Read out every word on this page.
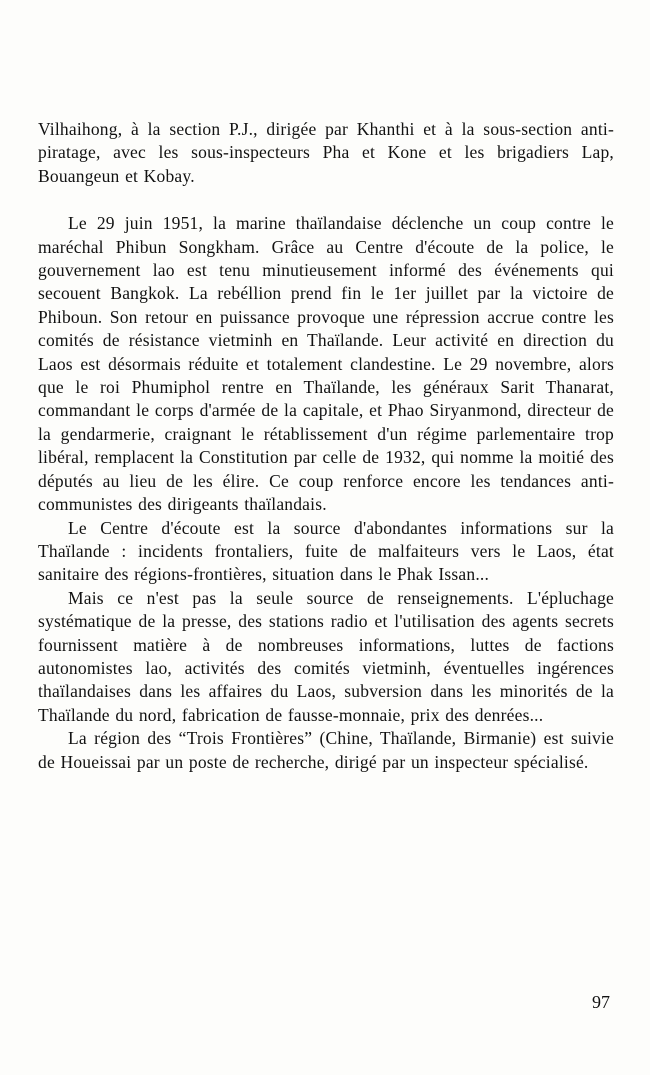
Vilhaihong, à la section P.J., dirigée par Khanthi et à la sous-section anti-piratage, avec les sous-inspecteurs Pha et Kone et les brigadiers Lap, Bouangeun et Kobay.

Le 29 juin 1951, la marine thaïlandaise déclenche un coup contre le maréchal Phibun Songkham. Grâce au Centre d'écoute de la police, le gouvernement lao est tenu minutieusement informé des événements qui secouent Bangkok. La rebéllion prend fin le 1er juillet par la victoire de Phiboun. Son retour en puissance provoque une répression accrue contre les comités de résistance vietminh en Thaïlande. Leur activité en direction du Laos est désormais réduite et totalement clandestine. Le 29 novembre, alors que le roi Phumiphol rentre en Thaïlande, les généraux Sarit Thanarat, commandant le corps d'armée de la capitale, et Phao Siryanmond, directeur de la gendarmerie, craignant le rétablissement d'un régime parlementaire trop libéral, remplacent la Constitution par celle de 1932, qui nomme la moitié des députés au lieu de les élire. Ce coup renforce encore les tendances anti-communistes des dirigeants thaïlandais.

Le Centre d'écoute est la source d'abondantes informations sur la Thaïlande : incidents frontaliers, fuite de malfaiteurs vers le Laos, état sanitaire des régions-frontières, situation dans le Phak Issan...

Mais ce n'est pas la seule source de renseignements. L'épluchage systématique de la presse, des stations radio et l'utilisation des agents secrets fournissent matière à de nombreuses informations, luttes de factions autonomistes lao, activités des comités vietminh, éventuelles ingérences thaïlandaises dans les affaires du Laos, subversion dans les minorités de la Thaïlande du nord, fabrication de fausse-monnaie, prix des denrées...

La région des “Trois Frontières” (Chine, Thaïlande, Birmanie) est suivie de Houeissai par un poste de recherche, dirigé par un inspecteur spécialisé.

97
